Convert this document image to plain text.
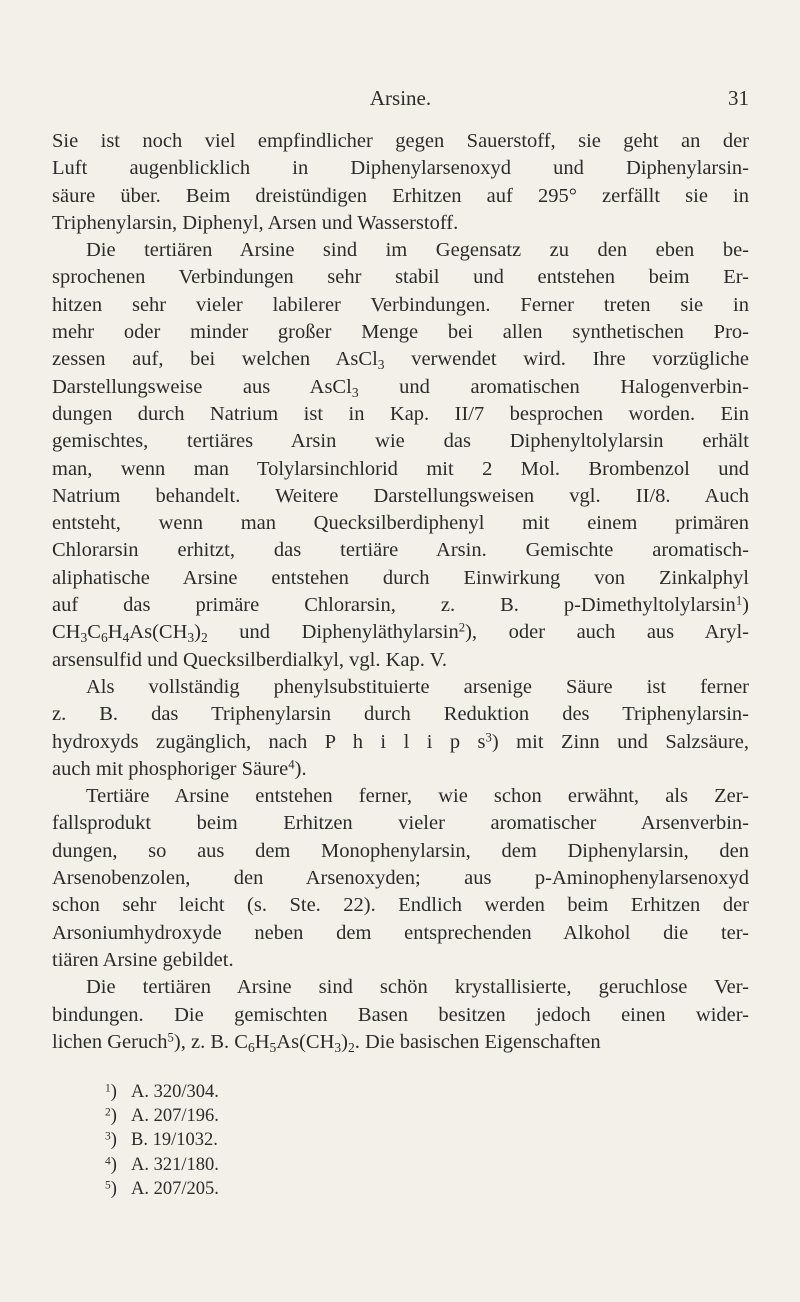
Arsine.	31
Sie ist noch viel empfindlicher gegen Sauerstoff, sie geht an der
Luft augenblicklich in Diphenylarsenoxyd und Diphenylarsin-
säure über. Beim dreistündigen Erhitzen auf 295° zerfällt sie in
Triphenylarsin, Diphenyl, Arsen und Wasserstoff.
Die tertiären Arsine sind im Gegensatz zu den eben be-
sprochenen Verbindungen sehr stabil und entstehen beim Er-
hitzen sehr vieler labilerer Verbindungen. Ferner treten sie in
mehr oder minder großer Menge bei allen synthetischen Pro-
zessen auf, bei welchen AsCl$_3$ verwendet wird. Ihre vorzügliche
Darstellungsweise aus AsCl$_3$ und aromatischen Halogenverbin-
dungen durch Natrium ist in Kap. II/7 besprochen worden. Ein
gemischtes, tertiäres Arsin wie das Diphenyltolylarsin erhält
man, wenn man Tolylarsinchlorid mit 2 Mol. Brombenzol und
Natrium behandelt. Weitere Darstellungsweisen vgl. II/8. Auch
entsteht, wenn man Quecksilberdiphenyl mit einem primären
Chlorarsin erhitzt, das tertiäre Arsin. Gemischte aromatisch-
aliphatische Arsine entstehen durch Einwirkung von Zinkalphyl
auf das primäre Chlorarsin, z. B. p-Dimethyltolylarsin$^1$)
$CH_3C_6H_4As(CH_3)_2$ und Diphenyläthylarsin$^2$), oder auch aus Aryl-
arsensulfid und Quecksilberdialkyl, vgl. Kap. V.
Als vollständig phenylsubstituierte arsenige Säure ist ferner
z. B. das Triphenylarsin durch Reduktion des Triphenylarsin-
hydroxyds zugänglich, nach P h i l i p $s^3$) mit Zinn und Salzsäure,
auch mit phosphoriger Säure$^4$).
Tertiäre Arsine entstehen ferner, wie schon erwähnt, als Zer-
fallsprodukt beim Erhitzen vieler aromatischer Arsenverbin-
dungen, so aus dem Monophenylarsin, dem Diphenylarsin, den
Arsenobenzolen, den Arsenoxyden; aus p-Aminophenylarsenoxyd
schon sehr leicht (s. Ste. 22). Endlich werden beim Erhitzen der
Arsoniumhydroxyde neben dem entsprechenden Alkohol die ter-
tiären Arsine gebildet.
Die tertiären Arsine sind schön krystallisierte, geruchlose Ver-
bindungen. Die gemischten Basen besitzen jedoch einen wider-
lichen Geruch$^5$), z. B. $C_6H_5As(CH_3)_2$. Die basischen Eigenschaften
$^1$) A. 320/304.
$^2$) A. 207/196.
$^3$) B. 19/1032.
$^4$) A. 321/180.
$^5$) A. 207/205.
